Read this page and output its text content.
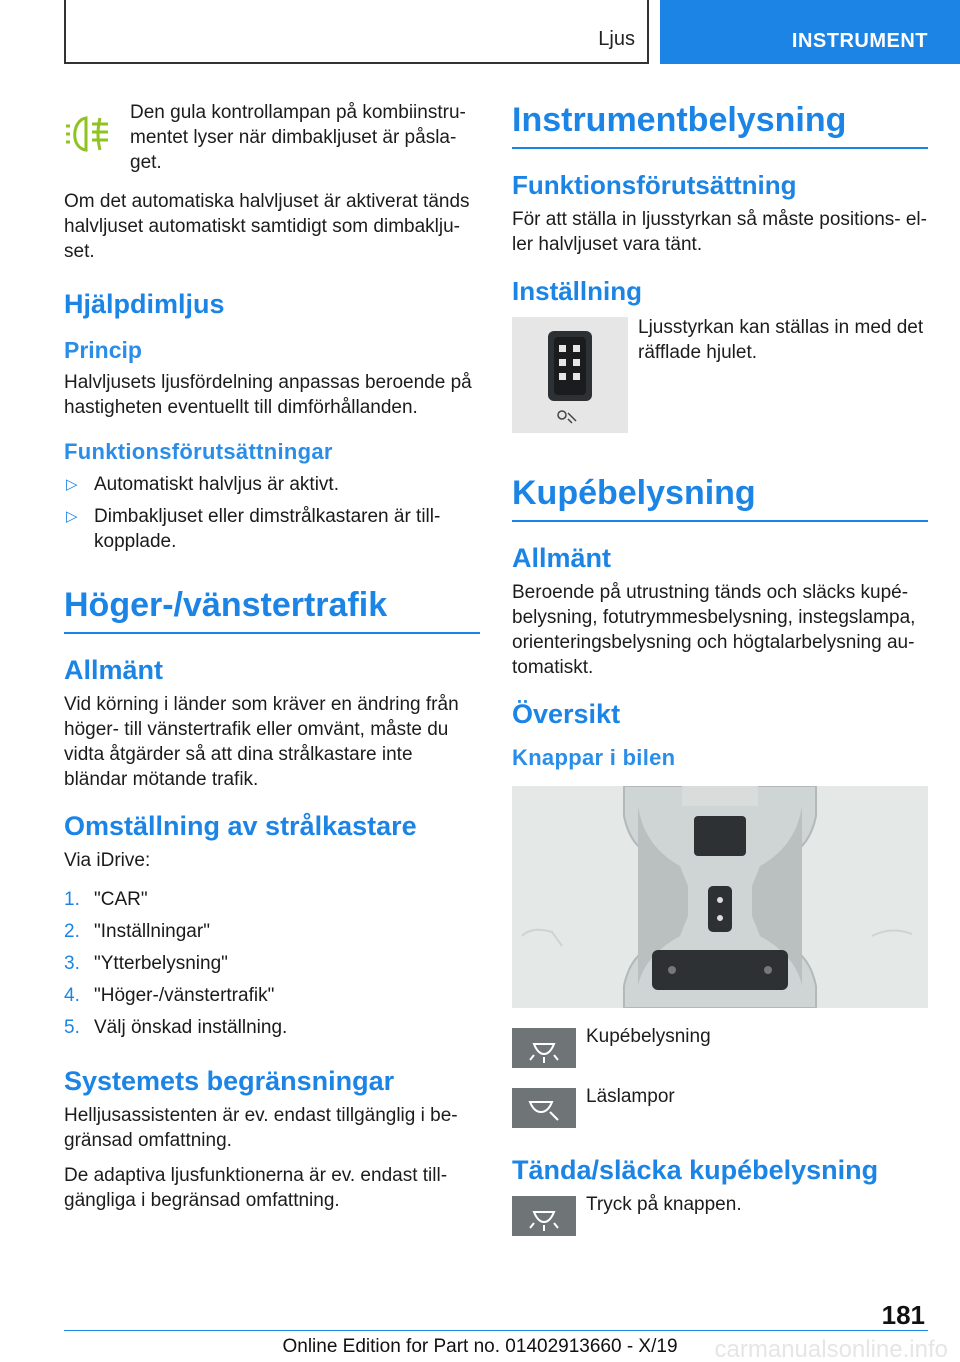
Ljus	INSTRUMENT

Den gula kontrollampan på kombiinstrumentet lyser när dimbakljuset är påslaget.

Om det automatiska halvljuset är aktiverat tänds halvljuset automatiskt samtidigt som dimbakljuset.

Hjälpdimljus
Princip

Halvljusets ljusfördelning anpassas beroende på hastigheten eventuellt till dimförhållanden.

Funktionsförutsättningar
▷ Automatiskt halvljus är aktivt.
▷ Dimbakljuset eller dimstrålkastaren är tillkopplade.
Höger-/vänstertrafik
Allmänt

Vid körning i länder som kräver en ändring från höger- till vänstertrafik eller omvänt, måste du vidta åtgärder så att dina strålkastare inte bländar mötande trafik.

Omställning av strålkastare

Via iDrive:

1. "CAR"
2. "Inställningar"
3. "Ytterbelysning"
4. "Höger-/vänstertrafik"
5. Välj önskad inställning.
Systemets begränsningar

Helljusassistenten är ev. endast tillgänglig i begränsad omfattning.

De adaptiva ljusfunktionerna är ev. endast tillgängliga i begränsad omfattning.

Instrumentbelysning
Funktionsförutsättning

För att ställa in ljusstyrkan så måste positions- eller halvljuset vara tänt.

Inställning

Ljusstyrkan kan ställas in med det räfflade hjulet.

Kupébelysning
Allmänt

Beroende på utrustning tänds och släcks kupébelysning, fotutrymmesbelysning, instegslampa, orienteringsbelysning och högtalarbelysning automatiskt.

Översikt
Knappar i bilen

Kupébelysning

Läslampor

Tända/släcka kupébelysning

Tryck på knappen.

181
Online Edition for Part no. 01402913660 - X/19	carmanualsonline.info
